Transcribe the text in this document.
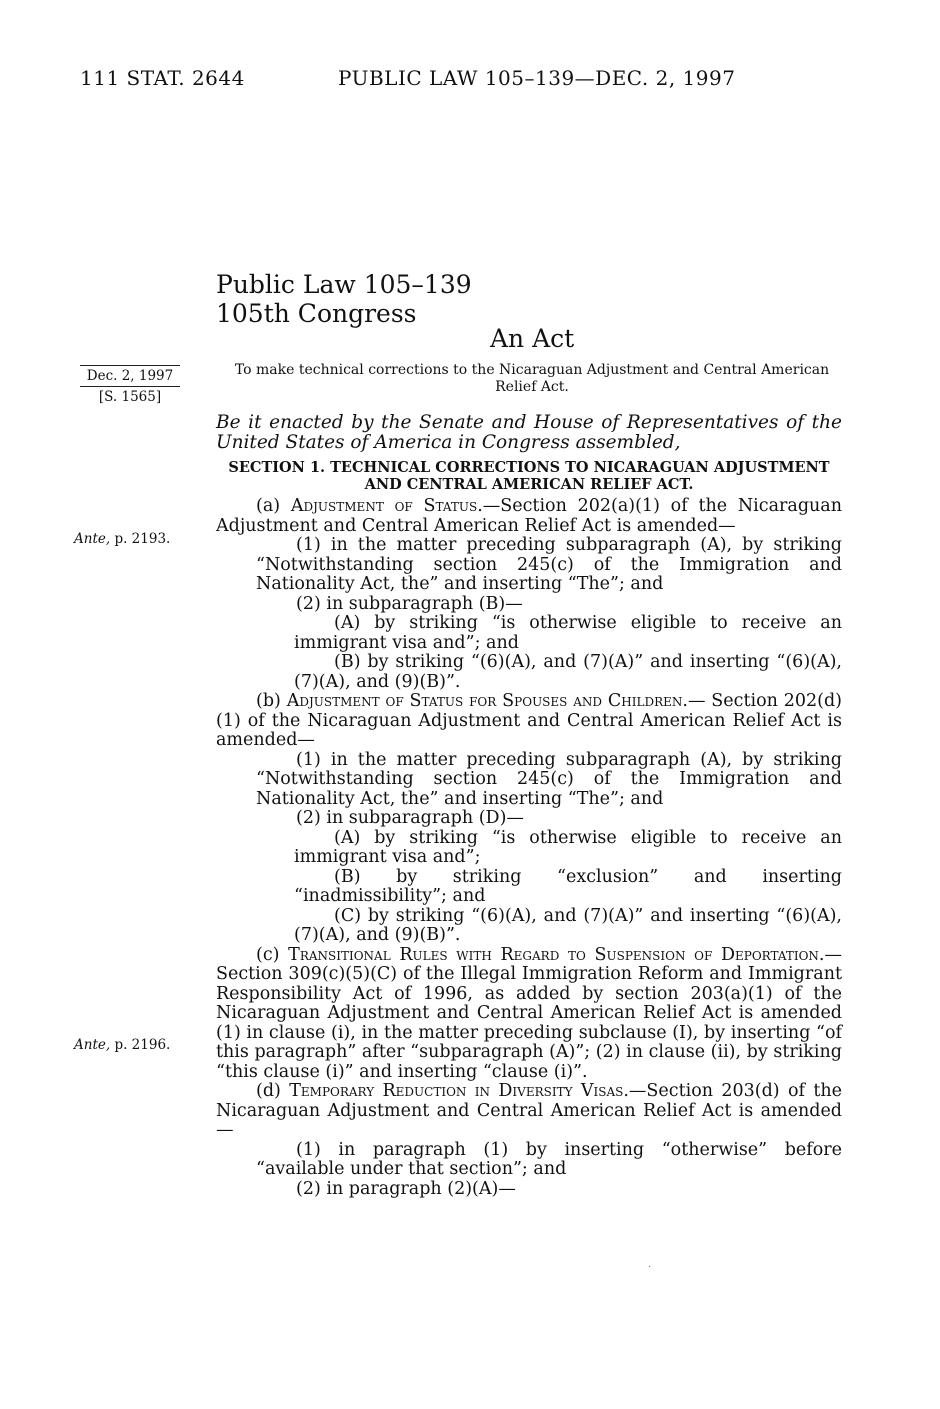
111 STAT. 2644	PUBLIC LAW 105–139—DEC. 2, 1997
Public Law 105–139
105th Congress
An Act
Dec. 2, 1997
[S. 1565]
Ante, p. 2193.
Ante, p. 2196.
To make technical corrections to the Nicaraguan Adjustment and Central American Relief Act.

Be it enacted by the Senate and House of Representatives of the United States of America in Congress assembled,

SECTION 1. TECHNICAL CORRECTIONS TO NICARAGUAN ADJUSTMENT AND CENTRAL AMERICAN RELIEF ACT.

(a) Adjustment of Status.—Section 202(a)(1) of the Nicaraguan Adjustment and Central American Relief Act is amended—

(1) in the matter preceding subparagraph (A), by striking “Notwithstanding section 245(c) of the Immigration and Nationality Act, the” and inserting “The”; and

(2) in subparagraph (B)—

(A) by striking “is otherwise eligible to receive an immigrant visa and”; and

(B) by striking “(6)(A), and (7)(A)” and inserting “(6)(A), (7)(A), and (9)(B)”.

(b) Adjustment of Status for Spouses and Children.— Section 202(d)(1) of the Nicaraguan Adjustment and Central American Relief Act is amended—

(1) in the matter preceding subparagraph (A), by striking “Notwithstanding section 245(c) of the Immigration and Nationality Act, the” and inserting “The”; and

(2) in subparagraph (D)—

(A) by striking “is otherwise eligible to receive an immigrant visa and”;

(B) by striking “exclusion” and inserting “inadmissibility”; and

(C) by striking “(6)(A), and (7)(A)” and inserting “(6)(A), (7)(A), and (9)(B)”.

(c) Transitional Rules with Regard to Suspension of Deportation.—Section 309(c)(5)(C) of the Illegal Immigration Reform and Immigrant Responsibility Act of 1996, as added by section 203(a)(1) of the Nicaraguan Adjustment and Central American Relief Act is amended (1) in clause (i), in the matter preceding subclause (I), by inserting “of this paragraph” after “subparagraph (A)”; (2) in clause (ii), by striking “this clause (i)” and inserting “clause (i)”.

(d) Temporary Reduction in Diversity Visas.—Section 203(d) of the Nicaraguan Adjustment and Central American Relief Act is amended—

(1) in paragraph (1) by inserting “otherwise” before “available under that section”; and

(2) in paragraph (2)(A)—

·
